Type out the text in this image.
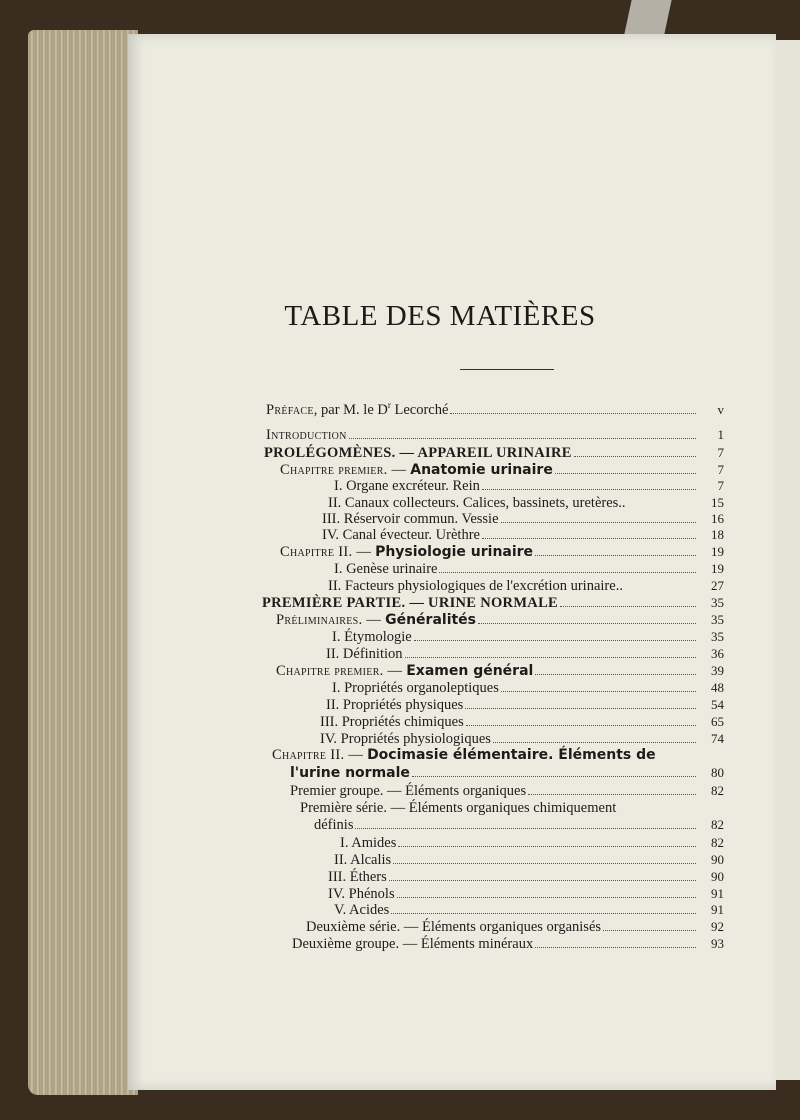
TABLE DES MATIÈRES
Préface, par M. le $D^r$ Lecorché	v
Introduction	1
PROLÉGOMÈNES. — APPAREIL URINAIRE	7
Chapitre premier. — Anatomie urinaire	7
I. Organe excréteur. Rein	7
II. Canaux collecteurs. Calices, bassinets, uretères..	15
III. Réservoir commun. Vessie	16
IV. Canal évecteur. Urèthre	18
Chapitre II. — Physiologie urinaire	19
I. Genèse urinaire	19
II. Facteurs physiologiques de l'excrétion urinaire..	27
PREMIÈRE PARTIE. — URINE NORMALE	35
Préliminaires. — Généralités	35
I. Étymologie	35
II. Définition	36
Chapitre premier. — Examen général	39
I. Propriétés organoleptiques	48
II. Propriétés physiques	54
III. Propriétés chimiques	65
IV. Propriétés physiologiques	74
Chapitre II. — Docimasie élémentaire. Éléments de
l'urine normale	80
Premier groupe. — Éléments organiques	82
Première série. — Éléments organiques chimiquement
définis	82
I. Amides	82
II. Alcalis	90
III. Éthers	90
IV. Phénols	91
V. Acides	91
Deuxième série. — Éléments organiques organisés	92
Deuxième groupe. — Éléments minéraux	93
